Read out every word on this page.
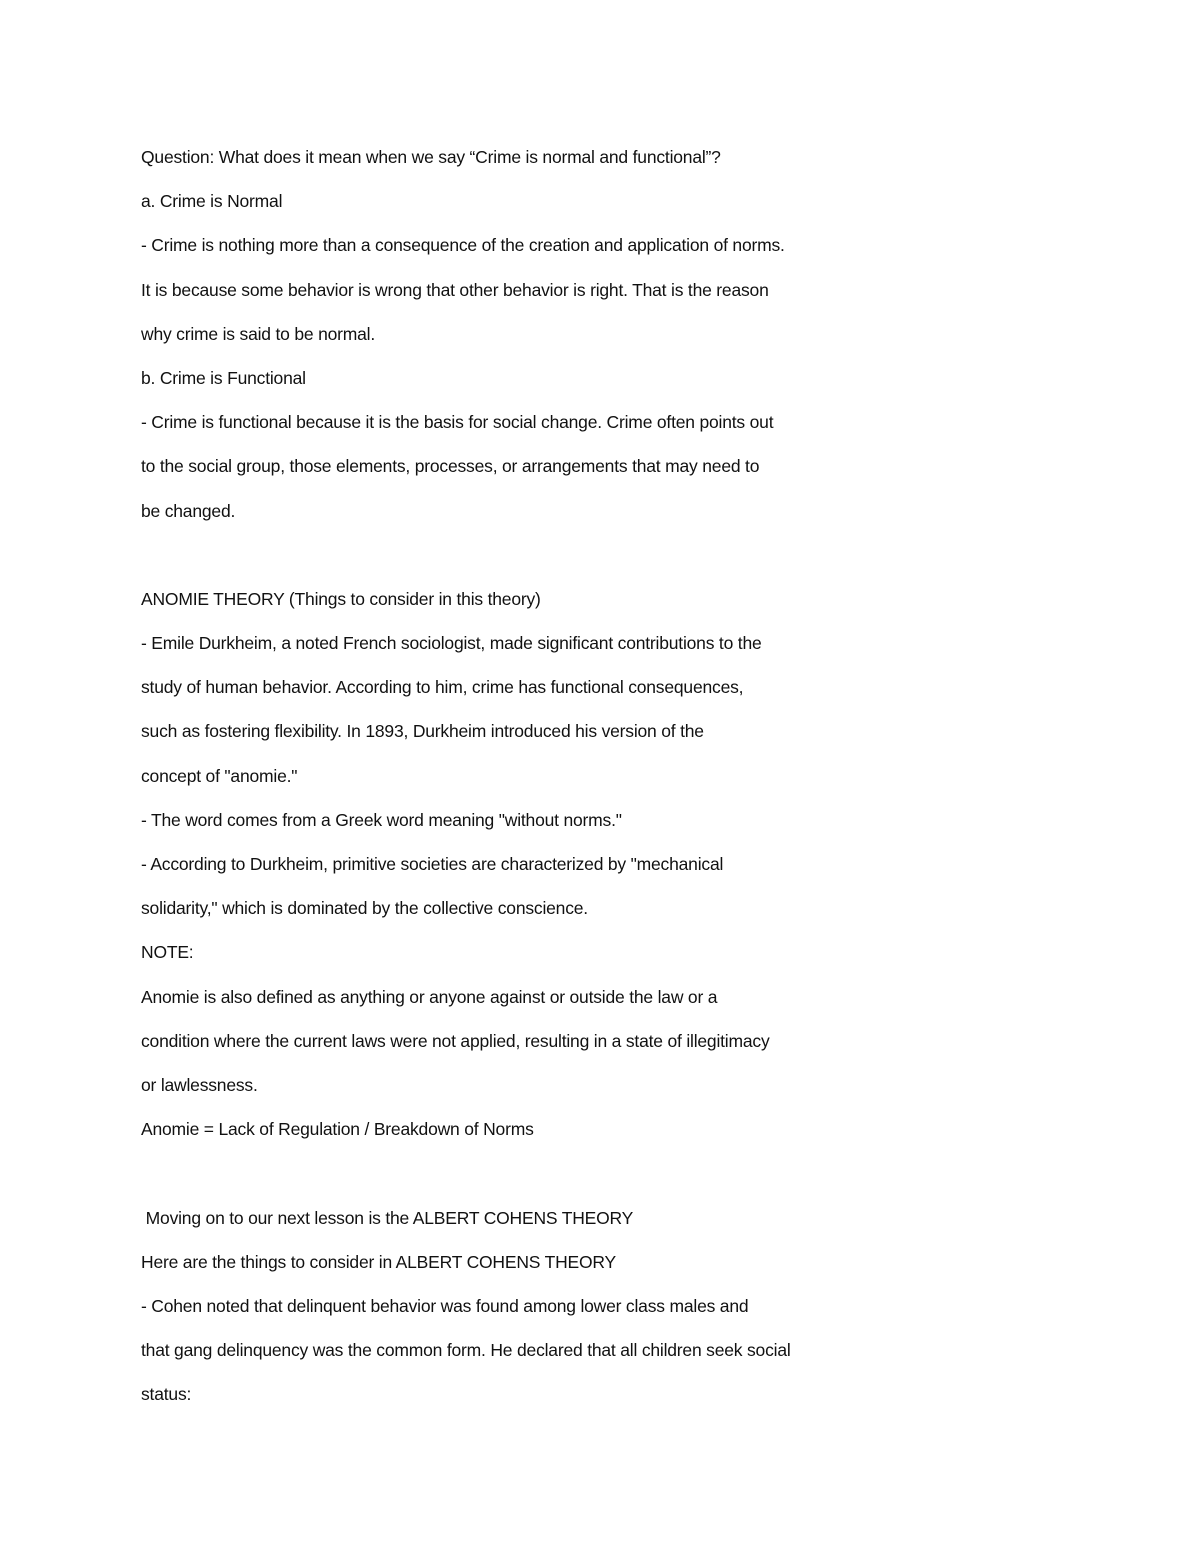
Question: What does it mean when we say “Crime is normal and functional”?
a. Crime is Normal
- Crime is nothing more than a consequence of the creation and application of norms.
It is because some behavior is wrong that other behavior is right. That is the reason
why crime is said to be normal.
b. Crime is Functional
- Crime is functional because it is the basis for social change. Crime often points out
to the social group, those elements, processes, or arrangements that may need to
be changed.
ANOMIE THEORY (Things to consider in this theory)
- Emile Durkheim, a noted French sociologist, made significant contributions to the
study of human behavior. According to him, crime has functional consequences,
such as fostering flexibility. In 1893, Durkheim introduced his version of the
concept of "anomie."
- The word comes from a Greek word meaning "without norms."
- According to Durkheim, primitive societies are characterized by "mechanical
solidarity," which is dominated by the collective conscience.
NOTE:
Anomie is also defined as anything or anyone against or outside the law or a
condition where the current laws were not applied, resulting in a state of illegitimacy
or lawlessness.
Anomie = Lack of Regulation / Breakdown of Norms
Moving on to our next lesson is the ALBERT COHENS THEORY
Here are the things to consider in ALBERT COHENS THEORY
- Cohen noted that delinquent behavior was found among lower class males and
that gang delinquency was the common form. He declared that all children seek social
status:
